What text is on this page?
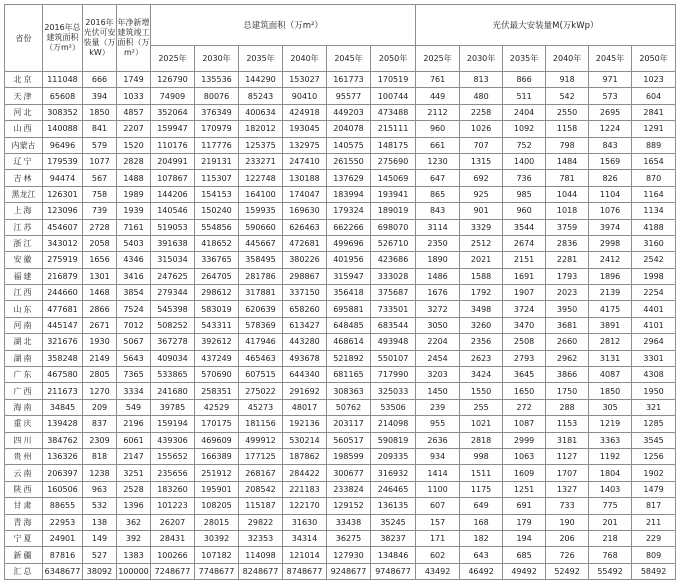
省份	2016年总建筑面积（万m²）	2016年光伏可安装量（万kW）	年净新增建筑竣工面积（万m²）	总建筑面积（万m²）						光伏最大安装量M(万kWp）					
				2025年	2030年	2035年	2040年	2045年	2050年	2025年	2030年	2035年	2040年	2045年	2050年
北京	111048	666	1749	126790	135536	144290	153027	161773	170519	761	813	866	918	971	1023
天津	65608	394	1033	74909	80076	85243	90410	95577	100744	449	480	511	542	573	604
河北	308352	1850	4857	352064	376349	400634	424918	449203	473488	2112	2258	2404	2550	2695	2841
山西	140088	841	2207	159947	170979	182012	193045	204078	215111	960	1026	1092	1158	1224	1291
内蒙古	96496	579	1520	110176	117776	125375	132975	140575	148175	661	707	752	798	843	889
辽宁	179539	1077	2828	204991	219131	233271	247410	261550	275690	1230	1315	1400	1484	1569	1654
吉林	94474	567	1488	107867	115307	122748	130188	137629	145069	647	692	736	781	826	870
黑龙江	126301	758	1989	144206	154153	164100	174047	183994	193941	865	925	985	1044	1104	1164
上海	123096	739	1939	140546	150240	159935	169630	179324	189019	843	901	960	1018	1076	1134
江苏	454607	2728	7161	519053	554856	590660	626463	662266	698070	3114	3329	3544	3759	3974	4188
浙江	343012	2058	5403	391638	418652	445667	472681	499696	526710	2350	2512	2674	2836	2998	3160
安徽	275919	1656	4346	315034	336765	358495	380226	401956	423686	1890	2021	2151	2281	2412	2542
福建	216879	1301	3416	247625	264705	281786	298867	315947	333028	1486	1588	1691	1793	1896	1998
江西	244660	1468	3854	279344	298612	317881	337150	356418	375687	1676	1792	1907	2023	2139	2254
山东	477681	2866	7524	545398	583019	620639	658260	695881	733501	3272	3498	3724	3950	4175	4401
河南	445147	2671	7012	508252	543311	578369	613427	648485	683544	3050	3260	3470	3681	3891	4101
湖北	321676	1930	5067	367278	392612	417946	443280	468614	493948	2204	2356	2508	2660	2812	2964
湖南	358248	2149	5643	409034	437249	465463	493678	521892	550107	2454	2623	2793	2962	3131	3301
广东	467580	2805	7365	533865	570690	607515	644340	681165	717990	3203	3424	3645	3866	4087	4308
广西	211673	1270	3334	241680	258351	275022	291692	308363	325033	1450	1550	1650	1750	1850	1950
海南	34845	209	549	39785	42529	45273	48017	50762	53506	239	255	272	288	305	321
重庆	139428	837	2196	159194	170175	181156	192136	203117	214098	955	1021	1087	1153	1219	1285
四川	384762	2309	6061	439306	469609	499912	530214	560517	590819	2636	2818	2999	3181	3363	3545
贵州	136326	818	2147	155652	166389	177125	187862	198599	209335	934	998	1063	1127	1192	1256
云南	206397	1238	3251	235656	251912	268167	284422	300677	316932	1414	1511	1609	1707	1804	1902
陕西	160506	963	2528	183260	195901	208542	221183	233824	246465	1100	1175	1251	1327	1403	1479
甘肃	88655	532	1396	101223	108205	115187	122170	129152	136135	607	649	691	733	775	817
青海	22953	138	362	26207	28015	29822	31630	33438	35245	157	168	179	190	201	211
宁夏	24901	149	392	28431	30392	32353	34314	36275	38237	171	182	194	206	218	229
新疆	87816	527	1383	100266	107182	114098	121014	127930	134846	602	643	685	726	768	809
汇总	6348677	38092	100000	7248677	7748677	8248677	8748677	9248677	9748677	43492	46492	49492	52492	55492	58492
